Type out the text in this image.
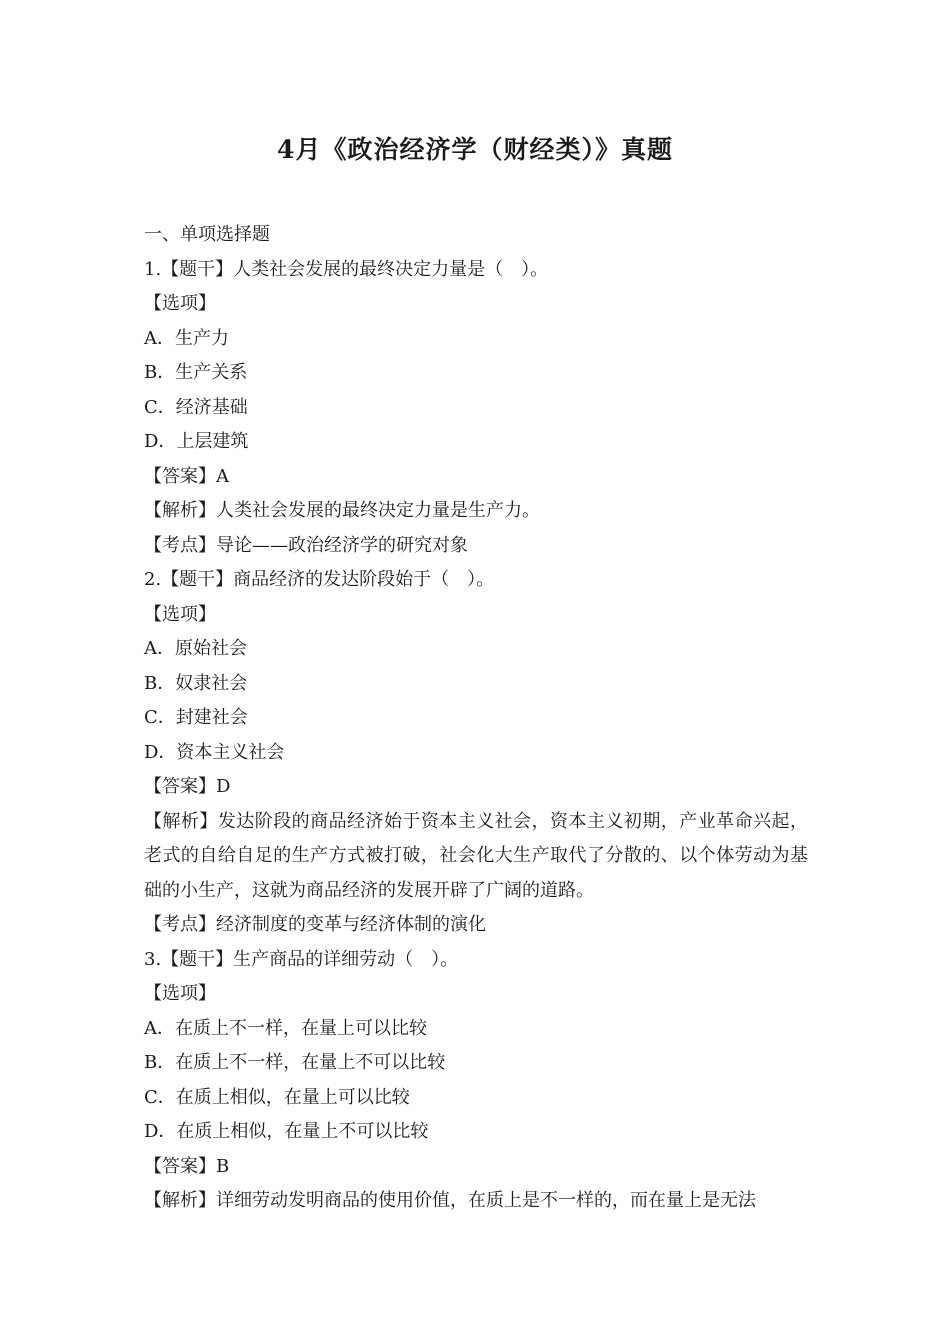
4月《政治经济学（财经类）》真题
一、单项选择题
1.【题干】人类社会发展的最终决定力量是（　）。
【选项】
A．生产力
B．生产关系
C．经济基础
D．上层建筑
【答案】A
【解析】人类社会发展的最终决定力量是生产力。
【考点】导论——政治经济学的研究对象
2.【题干】商品经济的发达阶段始于（　）。
【选项】
A．原始社会
B．奴隶社会
C．封建社会
D．资本主义社会
【答案】D
【解析】发达阶段的商品经济始于资本主义社会，资本主义初期，产业革命兴起，老式的自给自足的生产方式被打破，社会化大生产取代了分散的、以个体劳动为基础的小生产，这就为商品经济的发展开辟了广阔的道路。
【考点】经济制度的变革与经济体制的演化
3.【题干】生产商品的详细劳动（　）。
【选项】
A．在质上不一样，在量上可以比较
B．在质上不一样，在量上不可以比较
C．在质上相似，在量上可以比较
D．在质上相似，在量上不可以比较
【答案】B
【解析】详细劳动发明商品的使用价值，在质上是不一样的，而在量上是无法
